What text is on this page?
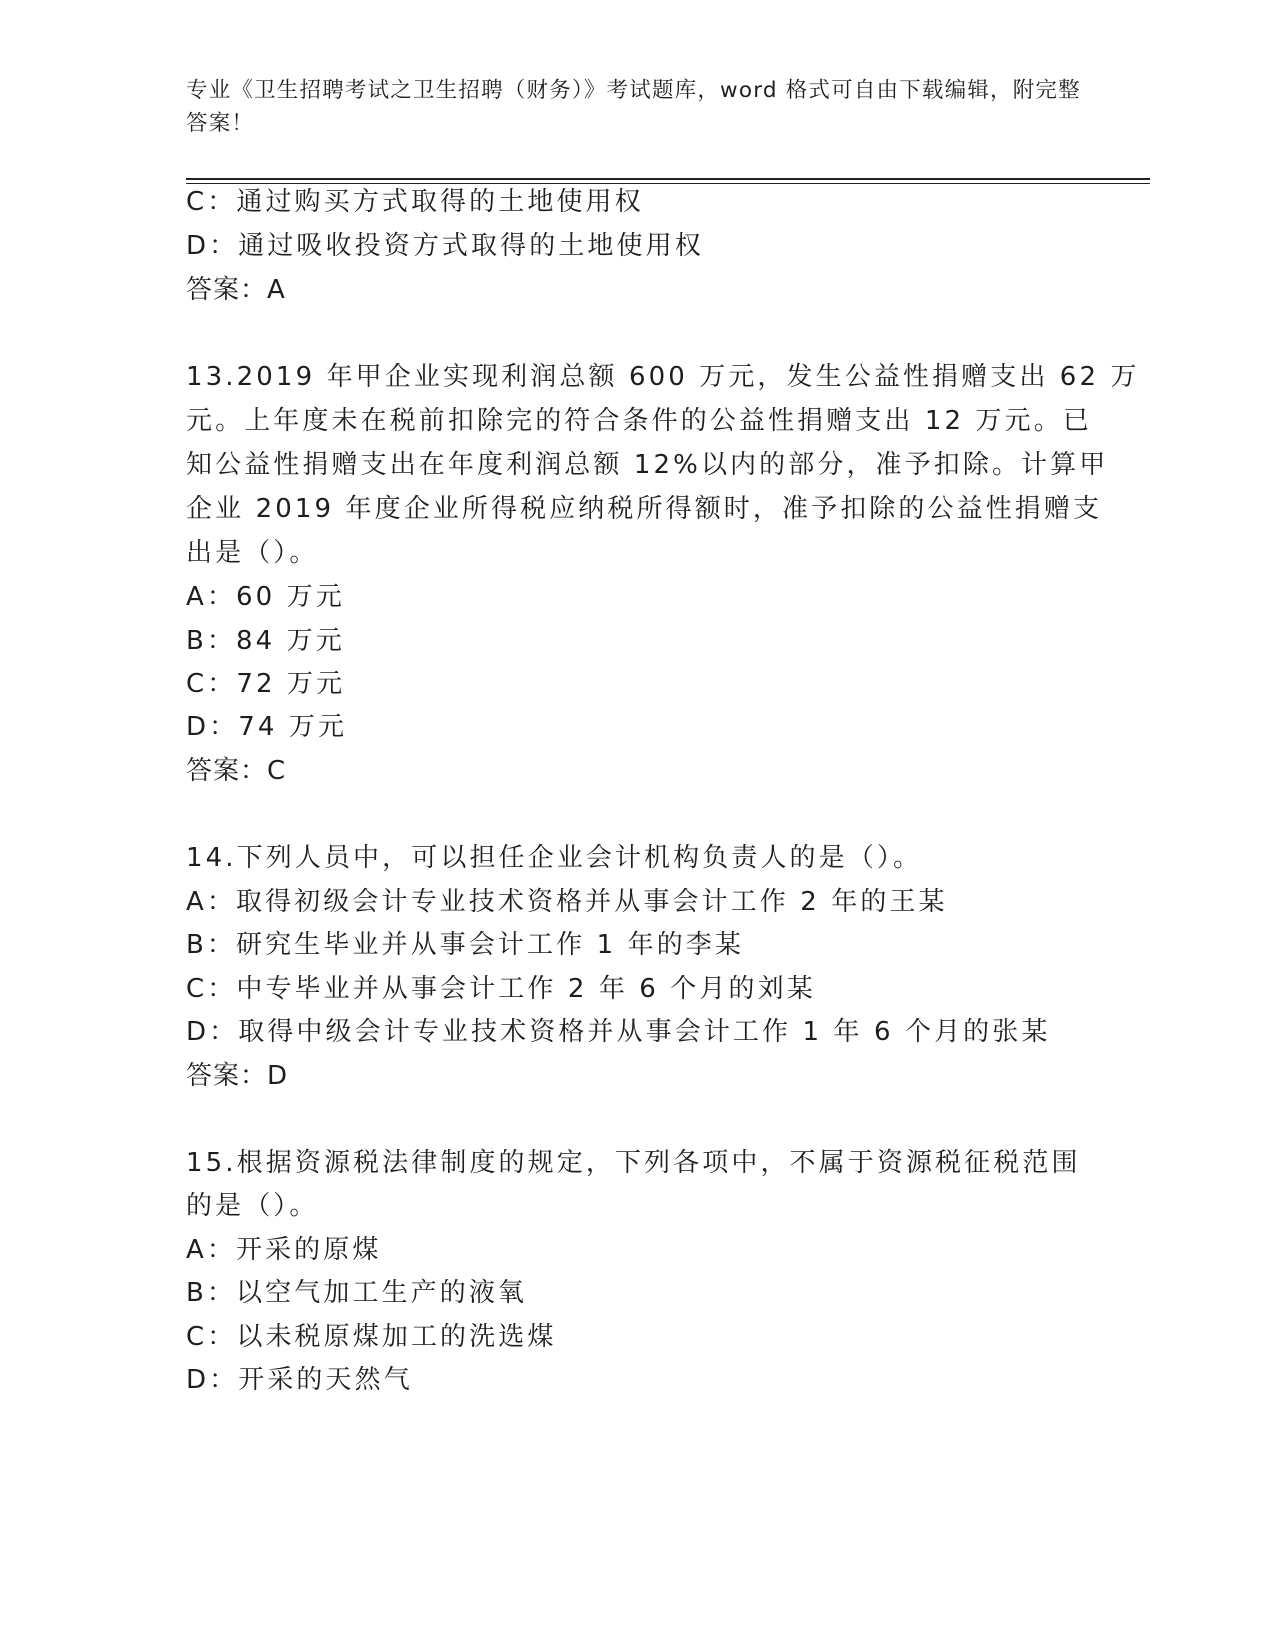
专业《卫生招聘考试之卫生招聘（财务）》考试题库，word 格式可自由下载编辑，附完整答案！
C：通过购买方式取得的土地使用权
D：通过吸收投资方式取得的土地使用权
答案：A
13.2019 年甲企业实现利润总额 600 万元，发生公益性捐赠支出 62 万
元。上年度未在税前扣除完的符合条件的公益性捐赠支出 12 万元。已
知公益性捐赠支出在年度利润总额 12%以内的部分，准予扣除。计算甲
企业 2019 年度企业所得税应纳税所得额时，准予扣除的公益性捐赠支
出是（）。
A：60 万元
B：84 万元
C：72 万元
D：74 万元
答案：C
14.下列人员中，可以担任企业会计机构负责人的是（）。
A：取得初级会计专业技术资格并从事会计工作 2 年的王某
B：研究生毕业并从事会计工作 1 年的李某
C：中专毕业并从事会计工作 2 年 6 个月的刘某
D：取得中级会计专业技术资格并从事会计工作 1 年 6 个月的张某
答案：D
15.根据资源税法律制度的规定，下列各项中，不属于资源税征税范围
的是（）。
A：开采的原煤
B：以空气加工生产的液氧
C：以未税原煤加工的洗选煤
D：开采的天然气
